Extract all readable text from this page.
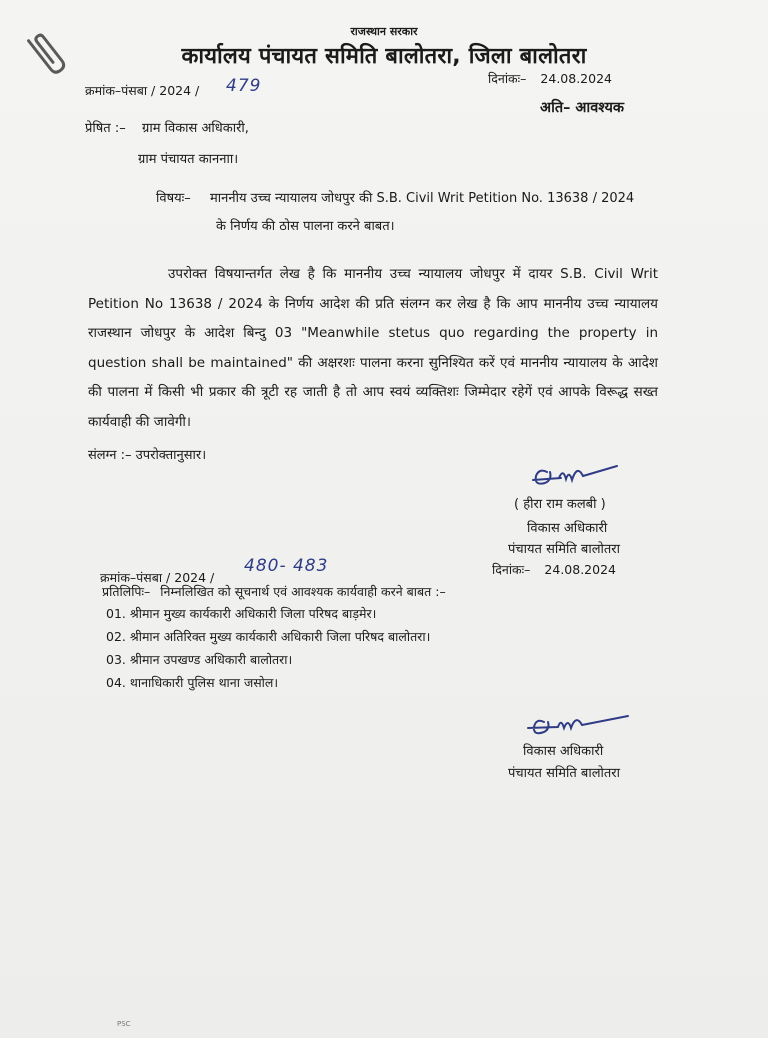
राजस्थान सरकार
कार्यालय पंचायत समिति बालोतरा, जिला बालोतरा
क्रमांक–पंसबा / 2024 / 479	दिनांकः– 24.08.2024
अति– आवश्यक
प्रेषित :– ग्राम विकास अधिकारी,
ग्राम पंचायत काननाा।
विषयः– माननीय उच्च न्यायालय जोधपुर की S.B. Civil Writ Petition No. 13638 / 2024
के निर्णय की ठोस पालना करने बाबत।
उपरोक्त विषयान्तर्गत लेख है कि माननीय उच्च न्यायालय जोधपुर में दायर S.B. Civil Writ Petition No 13638 / 2024 के निर्णय आदेश की प्रति संलग्न कर लेख है कि आप माननीय उच्च न्यायालय राजस्थान जोधपुर के आदेश बिन्दु 03 "Meanwhile stetus quo regarding the property in question shall be maintained" की अक्षरशः पालना करना सुनिश्यित करें एवं माननीय न्यायालय के आदेश की पालना में किसी भी प्रकार की त्रूटी रह जाती है तो आप स्वयं व्यक्तिशः जिम्मेदार रहेगें एवं आपके विरूद्ध सख्त कार्यवाही की जावेगी।
संलग्न :– उपरोक्तानुसार।
( हीरा राम कलबी )
विकास अधिकारी
पंचायत समिति बालोतरा
क्रमांक–पंसबा / 2024 /
480- 483	दिनांकः– 24.08.2024
प्रतिलिपिः– निम्नलिखित को सूचनार्थ एवं आवश्यक कार्यवाही करने बाबत :–
01. श्रीमान मुख्य कार्यकारी अधिकारी जिला परिषद बाड़मेर।
02. श्रीमान अतिरिक्त मुख्य कार्यकारी अधिकारी जिला परिषद बालोतरा।
03. श्रीमान उपखण्ड अधिकारी बालोतरा।
04. थानाधिकारी पुलिस थाना जसोल।
विकास अधिकारी
पंचायत समिति बालोतरा
PSC
